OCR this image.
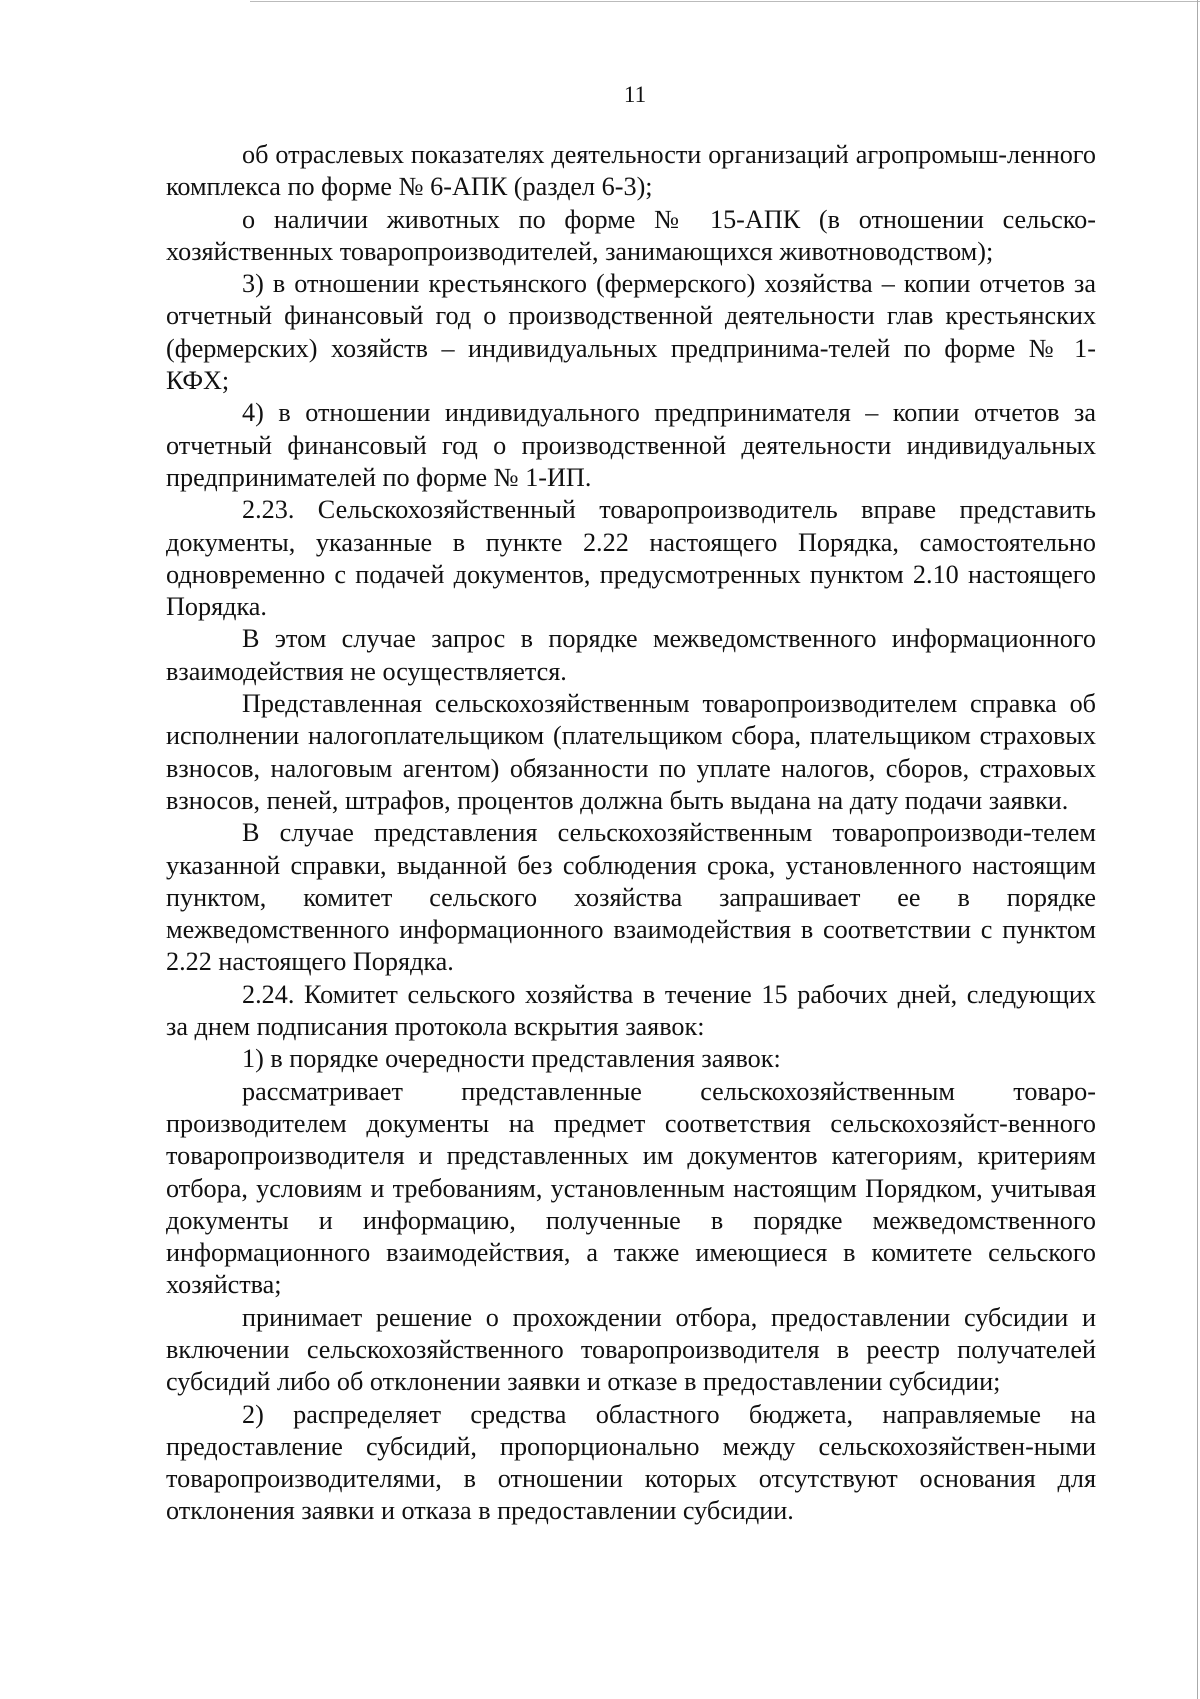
11

об отраслевых показателях деятельности организаций агропромыш-ленного комплекса по форме № 6-АПК (раздел 6-3);

о наличии животных по форме № 15-АПК (в отношении сельско-хозяйственных товаропроизводителей, занимающихся животноводством);

3) в отношении крестьянского (фермерского) хозяйства – копии отчетов за отчетный финансовый год о производственной деятельности глав крестьянских (фермерских) хозяйств – индивидуальных предпринима-телей по форме № 1-КФХ;

4) в отношении индивидуального предпринимателя – копии отчетов за отчетный финансовый год о производственной деятельности индивидуальных предпринимателей по форме № 1-ИП.

2.23. Сельскохозяйственный товаропроизводитель вправе представить документы, указанные в пункте 2.22 настоящего Порядка, самостоятельно одновременно с подачей документов, предусмотренных пунктом 2.10 настоящего Порядка.

В этом случае запрос в порядке межведомственного информационного взаимодействия не осуществляется.

Представленная сельскохозяйственным товаропроизводителем справка об исполнении налогоплательщиком (плательщиком сбора, плательщиком страховых взносов, налоговым агентом) обязанности по уплате налогов, сборов, страховых взносов, пеней, штрафов, процентов должна быть выдана на дату подачи заявки.

В случае представления сельскохозяйственным товаропроизводи-телем указанной справки, выданной без соблюдения срока, установленного настоящим пунктом, комитет сельского хозяйства запрашивает ее в порядке межведомственного информационного взаимодействия в соответствии с пунктом 2.22 настоящего Порядка.

2.24. Комитет сельского хозяйства в течение 15 рабочих дней, следующих за днем подписания протокола вскрытия заявок:

1) в порядке очередности представления заявок:

рассматривает представленные сельскохозяйственным товаро-производителем документы на предмет соответствия сельскохозяйст-венного товаропроизводителя и представленных им документов категориям, критериям отбора, условиям и требованиям, установленным настоящим Порядком, учитывая документы и информацию, полученные в порядке межведомственного информационного взаимодействия, а также имеющиеся в комитете сельского хозяйства;

принимает решение о прохождении отбора, предоставлении субсидии и включении сельскохозяйственного товаропроизводителя в реестр получателей субсидий либо об отклонении заявки и отказе в предоставлении субсидии;

2) распределяет средства областного бюджета, направляемые на предоставление субсидий, пропорционально между сельскохозяйствен-ными товаропроизводителями, в отношении которых отсутствуют основания для отклонения заявки и отказа в предоставлении субсидии.
